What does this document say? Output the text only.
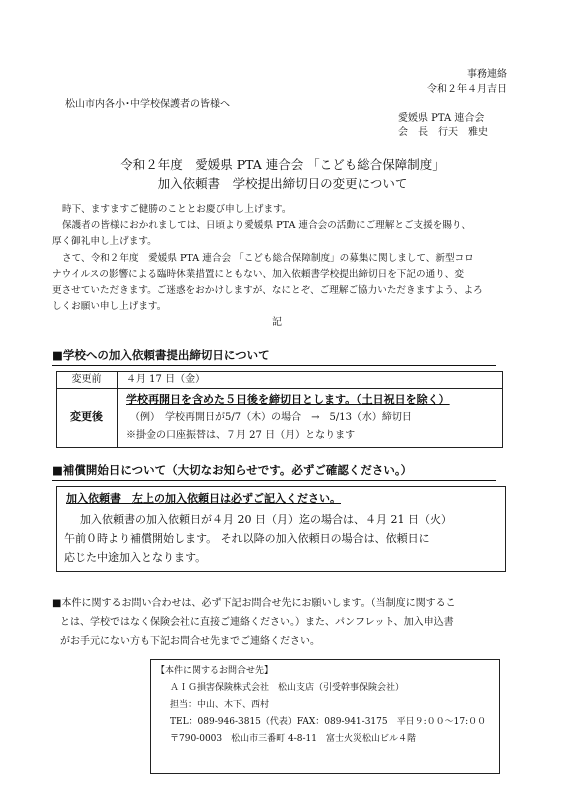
事務連絡
令和２年４月吉日
松山市内各小･中学校保護者の皆様へ
愛媛県 PTA 連合会
会　長　行天　雅史
令和２年度　愛媛県 PTA 連合会 「こども総合保障制度」
加入依頼書　学校提出締切日の変更について

時下、ますますご健勝のこととお慶び申し上げます。

保護者の皆様におかれましては、日頃より愛媛県 PTA 連合会の活動にご理解とご支援を賜り、

厚く御礼申し上げます。

さて、令和２年度　愛媛県 PTA 連合会 「こども総合保障制度」の募集に関しまして、新型コロ

ナウイルスの影響による臨時休業措置にともない、加入依頼書学校提出締切日を下記の通り、変

更させていただきます。ご迷惑をおかけしますが、なにとぞ、ご理解ご協力いただきますよう、よろ

しくお願い申し上げます。

記
■学校への加入依頼書提出締切日について
変更前	４月 17 日（金）
変更後
学校再開日を含めた５日後を締切日とします。（土日祝日を除く）
（例）　学校再開日が5/7（木）の場合　→　5/13（水）締切日
※掛金の口座振替は、７月 27 日（月）となります
■補償開始日について（大切なお知らせです。必ずご確認ください。）
加入依頼書　左上の加入依頼日は必ずご記入ください。
加入依頼書の加入依頼日が４月 20 日（月）迄の場合は、４月 21 日（火）
午前０時より補償開始します。 それ以降の加入依頼日の場合は、依頼日に
応じた中途加入となります。
■本件に関するお問い合わせは、必ず下記お問合せ先にお願いします。（当制度に関するこ
とは、学校ではなく保険会社に直接ご連絡ください。）また、パンフレット、加入申込書
がお手元にない方も下記お問合せ先までご連絡ください。
【本件に関するお問合せ先】
ＡＩＧ損害保険株式会社　松山支店（引受幹事保険会社）
担当：中山、木下、西村
TEL：089-946-3815（代表）FAX：089-941-3175　平日９:００～17:００
〒790-0003　松山市三番町 4-8-11　富士火災松山ビル４階
